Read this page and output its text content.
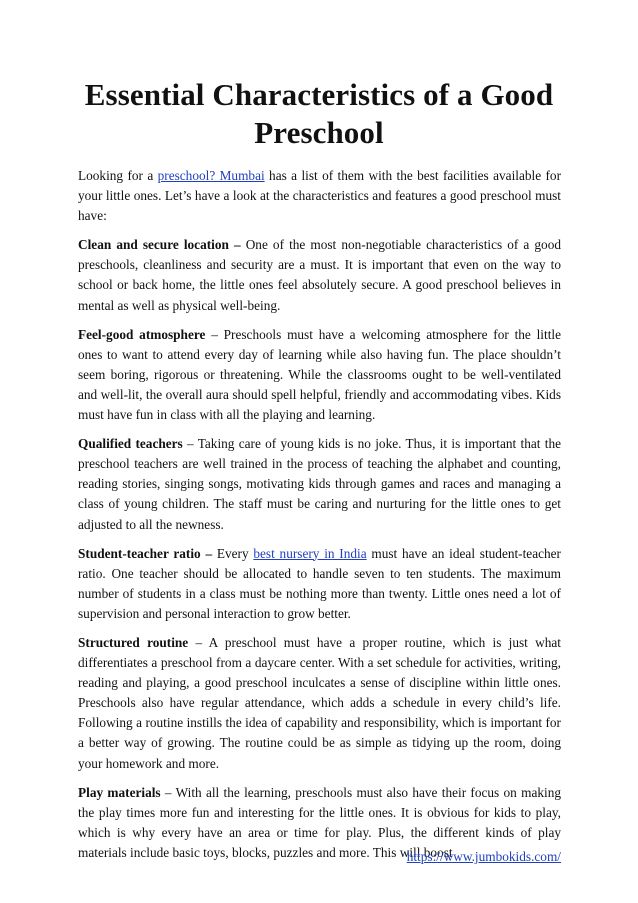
Essential Characteristics of a Good Preschool

Looking for a preschool? Mumbai has a list of them with the best facilities available for your little ones. Let’s have a look at the characteristics and features a good preschool must have:

Clean and secure location – One of the most non-negotiable characteristics of a good preschools, cleanliness and security are a must. It is important that even on the way to school or back home, the little ones feel absolutely secure. A good preschool believes in mental as well as physical well-being.

Feel-good atmosphere – Preschools must have a welcoming atmosphere for the little ones to want to attend every day of learning while also having fun. The place shouldn’t seem boring, rigorous or threatening. While the classrooms ought to be well-ventilated and well-lit, the overall aura should spell helpful, friendly and accommodating vibes. Kids must have fun in class with all the playing and learning.

Qualified teachers – Taking care of young kids is no joke. Thus, it is important that the preschool teachers are well trained in the process of teaching the alphabet and counting, reading stories, singing songs, motivating kids through games and races and managing a class of young children. The staff must be caring and nurturing for the little ones to get adjusted to all the newness.

Student-teacher ratio – Every best nursery in India must have an ideal student-teacher ratio. One teacher should be allocated to handle seven to ten students. The maximum number of students in a class must be nothing more than twenty. Little ones need a lot of supervision and personal interaction to grow better.

Structured routine – A preschool must have a proper routine, which is just what differentiates a preschool from a daycare center. With a set schedule for activities, writing, reading and playing, a good preschool inculcates a sense of discipline within little ones. Preschools also have regular attendance, which adds a schedule in every child’s life. Following a routine instills the idea of capability and responsibility, which is important for a better way of growing. The routine could be as simple as tidying up the room, doing your homework and more.

Play materials – With all the learning, preschools must also have their focus on making the play times more fun and interesting for the little ones. It is obvious for kids to play, which is why every have an area or time for play. Plus, the different kinds of play materials include basic toys, blocks, puzzles and more. This will boost

https://www.jumbokids.com/
